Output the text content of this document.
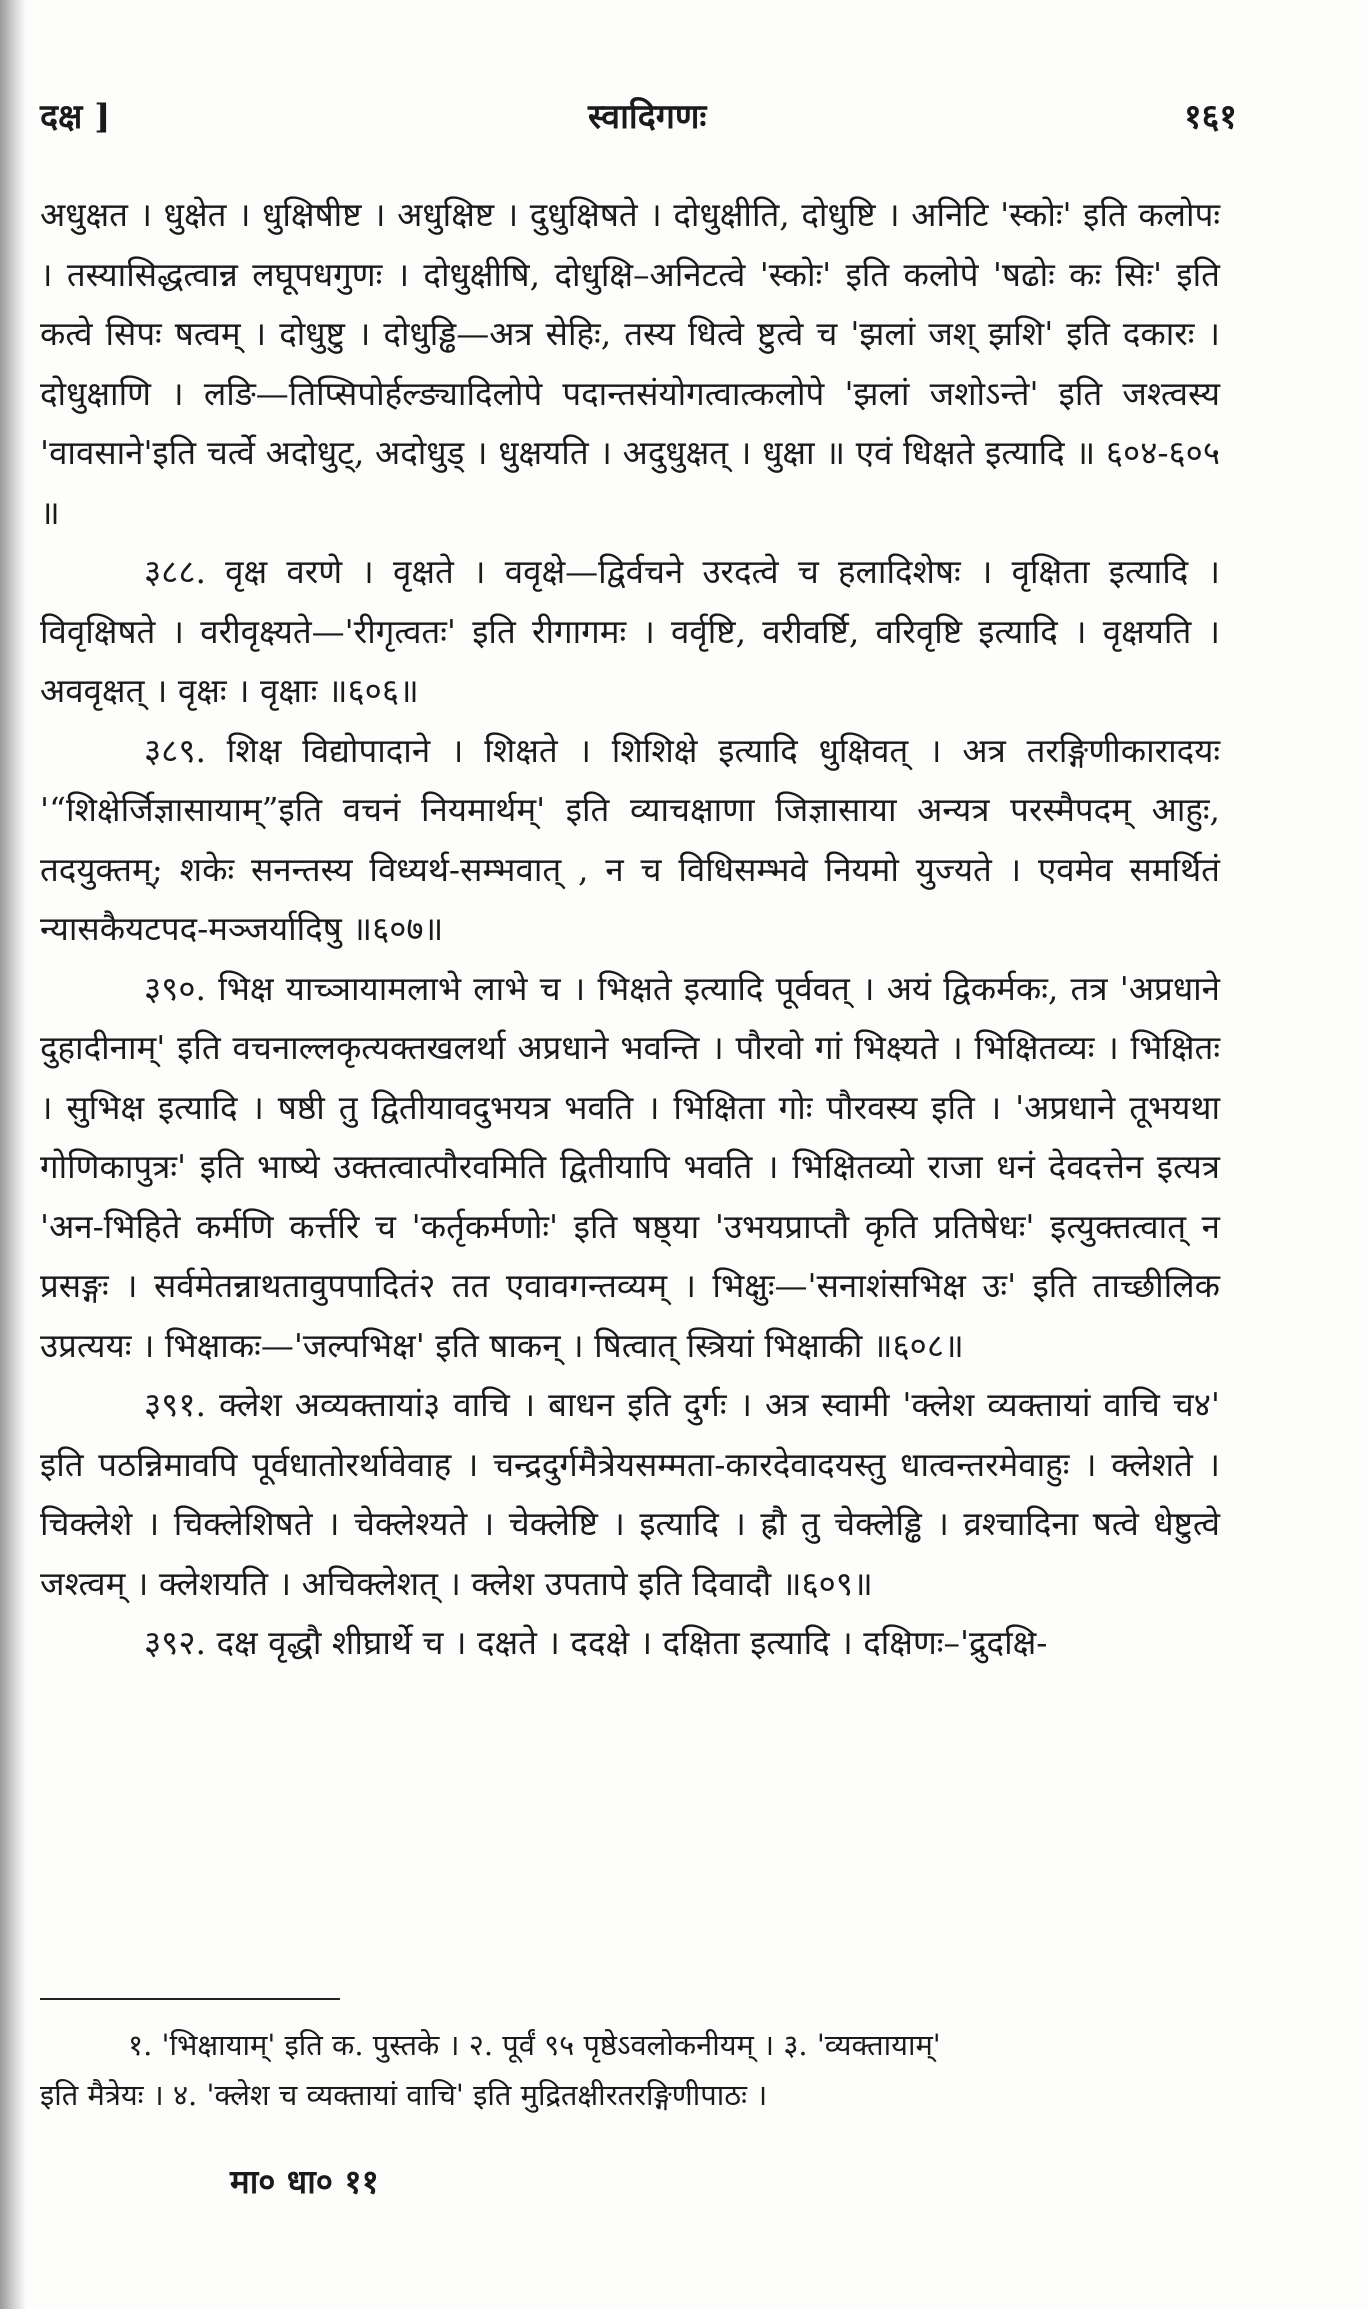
दक्ष ]	स्वादिगणः	१६१

अधुक्षत । धुक्षेत । धुक्षिषीष्ट । अधुक्षिष्ट । दुधुक्षिषते । दोधुक्षीति, दोधुष्टि । अनिटि 'स्कोः' इति कलोपः । तस्यासिद्धत्वान्न लघूपधगुणः । दोधुक्षीषि, दोधुक्षि–अनिटत्वे 'स्कोः' इति कलोपे 'षढोः कः सिः' इति कत्वे सिपः षत्वम् । दोधुष्टु । दोधुड्ढि—अत्र सेहिः, तस्य धित्वे ष्टुत्वे च 'झलां जश् झशि' इति दकारः । दोधुक्षाणि । लङि—तिप्सिपोर्हल्ङ्यादिलोपे पदान्तसंयोगत्वात्कलोपे 'झलां जशोऽन्ते' इति जश्त्वस्य 'वावसाने'इति चर्त्वे अदोधुट्, अदोधुड् । धुक्षयति । अदुधुक्षत् । धुक्षा ॥ एवं धिक्षते इत्यादि ॥ ६०४-६०५ ॥

३८८. वृक्ष वरणे । वृक्षते । ववृक्षे—द्विर्वचने उरदत्वे च हलादिशेषः । वृक्षिता इत्यादि । विवृक्षिषते । वरीवृक्ष्यते—'रीगृत्वतः' इति रीगागमः । वर्वृष्टि, वरीवर्ष्टि, वरिवृष्टि इत्यादि । वृक्षयति । अववृक्षत् । वृक्षः । वृक्षाः ॥६०६॥

३८९. शिक्ष विद्योपादाने । शिक्षते । शिशिक्षे इत्यादि धुक्षिवत् । अत्र तरङ्गिणीकारादयः '“शिक्षेर्जिज्ञासायाम्”इति वचनं नियमार्थम्' इति व्याचक्षाणा जिज्ञासाया अन्यत्र परस्मैपदम् आहुः, तदयुक्तम्; शकेः सनन्तस्य विध्यर्थ-सम्भवात् , न च विधिसम्भवे नियमो युज्यते । एवमेव समर्थितं न्यासकैयटपद-मञ्जर्यादिषु ॥६०७॥

३९०. भिक्ष याच्ञायामलाभे लाभे च । भिक्षते इत्यादि पूर्ववत् । अयं द्विकर्मकः, तत्र 'अप्रधाने दुहादीनाम्' इति वचनाल्लकृत्यक्तखलर्था अप्रधाने भवन्ति । पौरवो गां भिक्ष्यते । भिक्षितव्यः । भिक्षितः । सुभिक्ष इत्यादि । षष्ठी तु द्वितीयावदुभयत्र भवति । भिक्षिता गोः पौरवस्य इति । 'अप्रधाने तूभयथा गोणिकापुत्रः' इति भाष्ये उक्तत्वात्पौरवमिति द्वितीयापि भवति । भिक्षितव्यो राजा धनं देवदत्तेन इत्यत्र 'अन-भिहिते कर्मणि कर्त्तरि च 'कर्तृकर्मणोः' इति षष्ठ्या 'उभयप्राप्तौ कृति प्रतिषेधः' इत्युक्तत्वात् न प्रसङ्गः । सर्वमेतन्नाथतावुपपादितं२ तत एवावगन्तव्यम् । भिक्षुः—'सनाशंसभिक्ष उः' इति ताच्छीलिक उप्रत्ययः । भिक्षाकः—'जल्पभिक्ष' इति षाकन् । षित्वात् स्त्रियां भिक्षाकी ॥६०८॥

३९१. क्लेश अव्यक्तायां३ वाचि । बाधन इति दुर्गः । अत्र स्वामी 'क्लेश व्यक्तायां वाचि च४' इति पठन्निमावपि पूर्वधातोरर्थावेवाह । चन्द्रदुर्गमैत्रेयसम्मता-कारदेवादयस्तु धात्वन्तरमेवाहुः । क्लेशते । चिक्लेशे । चिक्लेशिषते । चेक्लेश्यते । चेक्लेष्टि । इत्यादि । ह्रौ तु चेक्लेड्ढि । व्रश्चादिना षत्वे धेष्टुत्वे जश्त्वम् । क्लेशयति । अचिक्लेशत् । क्लेश उपतापे इति दिवादौ ॥६०९॥

३९२. दक्ष वृद्धौ शीघ्रार्थे च । दक्षते । ददक्षे । दक्षिता इत्यादि । दक्षिणः–'द्रुदक्षि-

१. 'भिक्षायाम्' इति क. पुस्तके । २. पूर्वं ९५ पृष्ठेऽवलोकनीयम् । ३. 'व्यक्तायाम्'

इति मैत्रेयः । ४. 'क्लेश च व्यक्तायां वाचि' इति मुद्रितक्षीरतरङ्गिणीपाठः ।

मा० धा० ११
